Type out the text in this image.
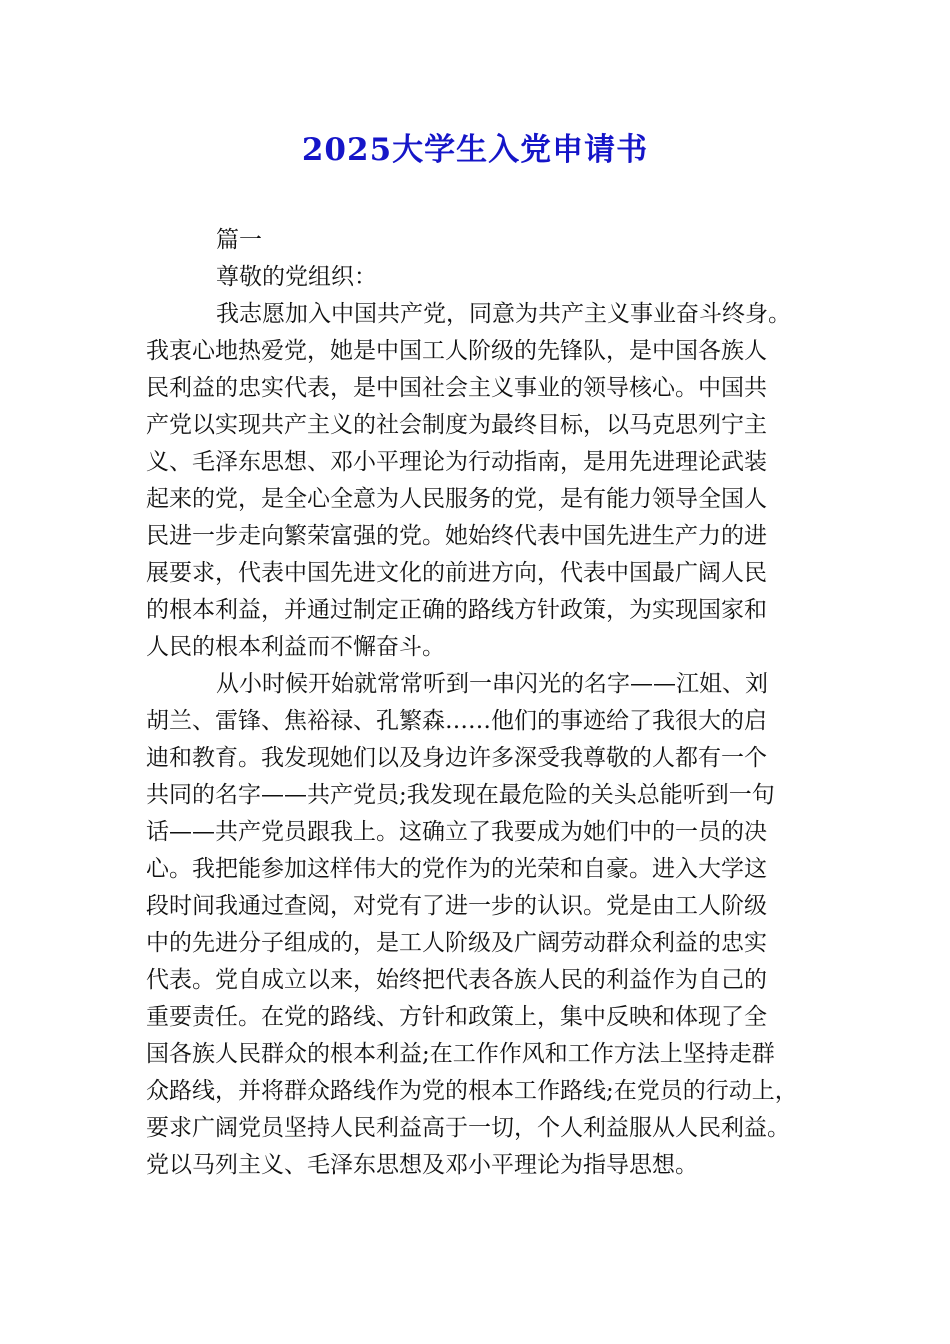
2025大学生入党申请书
篇一
尊敬的党组织：
我志愿加入中国共产党，同意为共产主义事业奋斗终身。
我衷心地热爱党，她是中国工人阶级的先锋队，是中国各族人
民利益的忠实代表，是中国社会主义事业的领导核心。中国共
产党以实现共产主义的社会制度为最终目标，以马克思列宁主
义、毛泽东思想、邓小平理论为行动指南，是用先进理论武装
起来的党，是全心全意为人民服务的党，是有能力领导全国人
民进一步走向繁荣富强的党。她始终代表中国先进生产力的进
展要求，代表中国先进文化的前进方向，代表中国最广阔人民
的根本利益，并通过制定正确的路线方针政策，为实现国家和
人民的根本利益而不懈奋斗。
从小时候开始就常常听到一串闪光的名字——江姐、刘
胡兰、雷锋、焦裕禄、孔繁森……他们的事迹给了我很大的启
迪和教育。我发现她们以及身边许多深受我尊敬的人都有一个
共同的名字——共产党员;我发现在最危险的关头总能听到一句
话——共产党员跟我上。这确立了我要成为她们中的一员的决
心。我把能参加这样伟大的党作为的光荣和自豪。进入大学这
段时间我通过查阅，对党有了进一步的认识。党是由工人阶级
中的先进分子组成的，是工人阶级及广阔劳动群众利益的忠实
代表。党自成立以来，始终把代表各族人民的利益作为自己的
重要责任。在党的路线、方针和政策上，集中反映和体现了全
国各族人民群众的根本利益;在工作作风和工作方法上坚持走群
众路线，并将群众路线作为党的根本工作路线;在党员的行动上，
要求广阔党员坚持人民利益高于一切，个人利益服从人民利益。
党以马列主义、毛泽东思想及邓小平理论为指导思想。
